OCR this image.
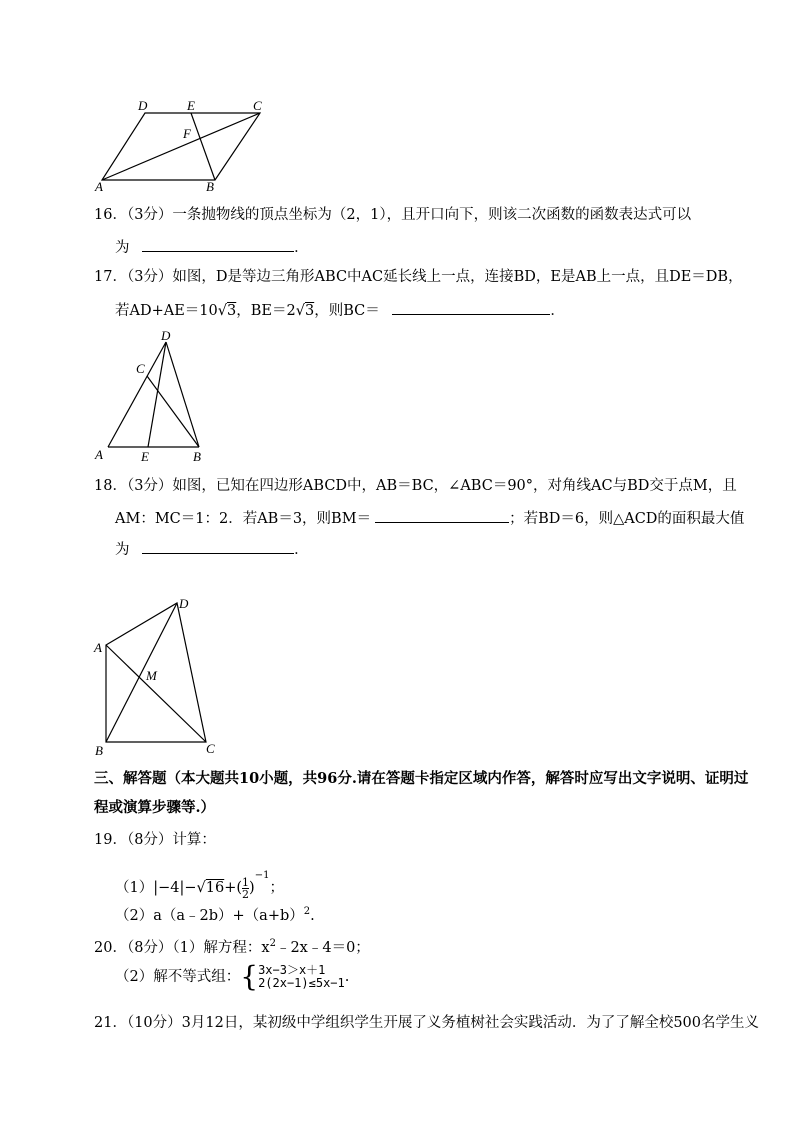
D	E	C
F
A	B
16．（3分）一条抛物线的顶点坐标为（2，1），且开口向下，则该二次函数的函数表达式可以
为	．
17．（3分）如图，D是等边三角形ABC中AC延长线上一点，连接BD，E是AB上一点，且DE＝DB，
若AD+AE＝10√3，BE＝2√3，则BC＝	．
D
C
A	E	B
18．（3分）如图，已知在四边形ABCD中，AB＝BC，∠ABC＝90°，对角线AC与BD交于点M，且
AM：MC＝1：2．若AB＝3，则BM＝	；若BD＝6，则△ACD的面积最大值
为	．
D
A
M
B	C
三、解答题（本大题共10小题，共96分.请在答题卡指定区域内作答，解答时应写出文字说明、证明过
程或演算步骤等.）
19．（8分）计算：
$(1)|-4|-√16+( \frac{1}{2} )^{-1}$；
$(2)a(a﹣2b)+(a+b)^2$.
20．（8分）（1）解方程：$x^2﹣2x﹣4=0$；
（2）解不等式组：{ 3x−3＞x＋1
2(2x−1)≤5x−1 .
21．（10分）3月12日，某初级中学组织学生开展了义务植树社会实践活动．为了了解全校500名学生义
